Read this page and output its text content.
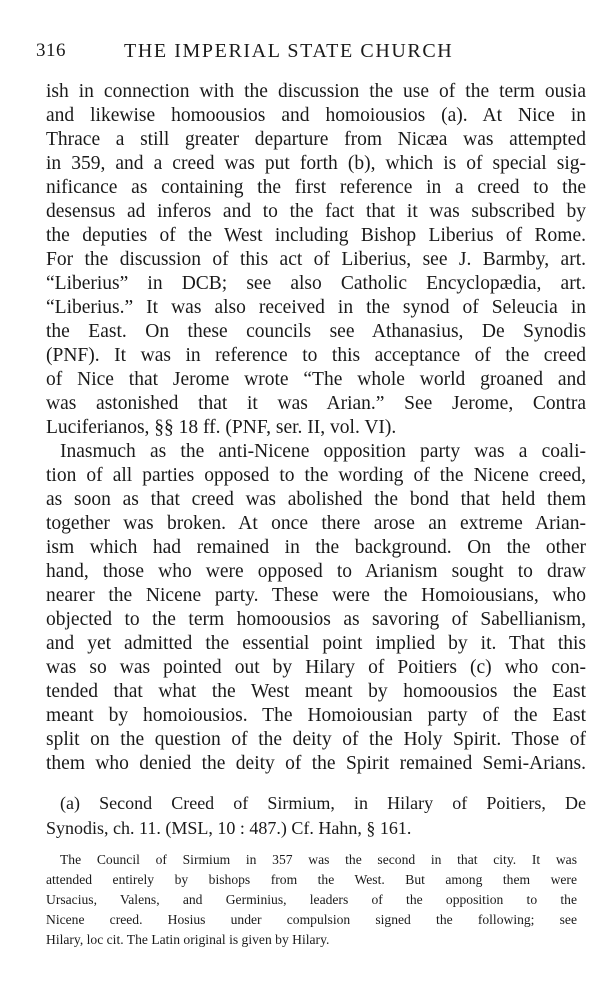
316	THE IMPERIAL STATE CHURCH
ish in connection with the discussion the use of the term ousia
and likewise homoousios and homoiousios (a). At Nice in
Thrace a still greater departure from Nicæa was attempted
in 359, and a creed was put forth (b), which is of special sig-
nificance as containing the first reference in a creed to the
desensus ad inferos and to the fact that it was subscribed by
the deputies of the West including Bishop Liberius of Rome.
For the discussion of this act of Liberius, see J. Barmby, art.
“Liberius” in DCB; see also Catholic Encyclopædia, art.
“Liberius.” It was also received in the synod of Seleucia in
the East. On these councils see Athanasius, De Synodis
(PNF). It was in reference to this acceptance of the creed
of Nice that Jerome wrote “The whole world groaned and
was astonished that it was Arian.” See Jerome, Contra
Luciferianos, §§ 18 ff. (PNF, ser. II, vol. VI).
Inasmuch as the anti-Nicene opposition party was a coali-
tion of all parties opposed to the wording of the Nicene creed,
as soon as that creed was abolished the bond that held them
together was broken. At once there arose an extreme Arian-
ism which had remained in the background. On the other
hand, those who were opposed to Arianism sought to draw
nearer the Nicene party. These were the Homoiousians, who
objected to the term homoousios as savoring of Sabellianism,
and yet admitted the essential point implied by it. That this
was so was pointed out by Hilary of Poitiers (c) who con-
tended that what the West meant by homoousios the East
meant by homoiousios. The Homoiousian party of the East
split on the question of the deity of the Holy Spirit. Those of
them who denied the deity of the Spirit remained Semi-Arians.
(a) Second Creed of Sirmium, in Hilary of Poitiers, De
Synodis, ch. 11. (MSL, 10 : 487.) Cf. Hahn, § 161.
The Council of Sirmium in 357 was the second in that city. It was
attended entirely by bishops from the West. But among them were
Ursacius, Valens, and Germinius, leaders of the opposition to the
Nicene creed. Hosius under compulsion signed the following; see
Hilary, loc cit. The Latin original is given by Hilary.
